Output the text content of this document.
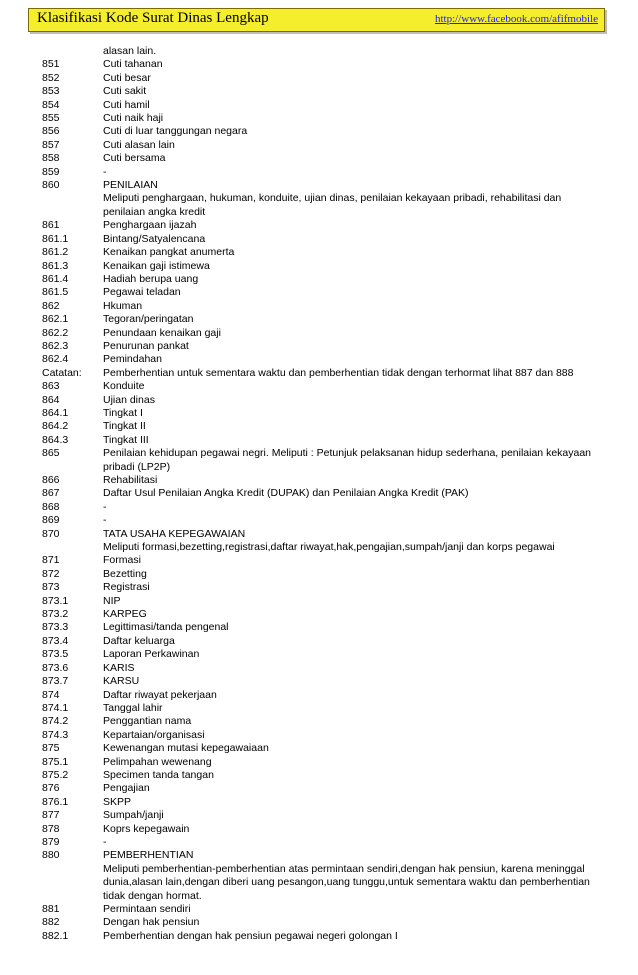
Klasifikasi Kode Surat Dinas Lengkap	http://www.facebook.com/afifmobile
alasan lain.
851	Cuti tahanan
852	Cuti besar
853	Cuti sakit
854	Cuti hamil
855	Cuti naik haji
856	Cuti di luar tanggungan negara
857	Cuti alasan lain
858	Cuti bersama
859	-
860	PENILAIAN
Meliputi penghargaan, hukuman, konduite, ujian dinas, penilaian kekayaan pribadi, rehabilitasi dan penilaian angka kredit
861	Penghargaan ijazah
861.1	Bintang/Satyalencana
861.2	Kenaikan pangkat anumerta
861.3	Kenaikan gaji istimewa
861.4	Hadiah berupa uang
861.5	Pegawai teladan
862	Hkuman
862.1	Tegoran/peringatan
862.2	Penundaan kenaikan gaji
862.3	Penurunan pankat
862.4	Pemindahan
Catatan:	Pemberhentian untuk sementara waktu dan pemberhentian tidak dengan terhormat lihat 887 dan 888
863	Konduite
864	Ujian dinas
864.1	Tingkat I
864.2	Tingkat II
864.3	Tingkat III
865	Penilaian kehidupan pegawai negri. Meliputi : Petunjuk pelaksanan hidup sederhana, penilaian kekayaan pribadi (LP2P)
866	Rehabilitasi
867	Daftar Usul Penilaian Angka Kredit (DUPAK) dan Penilaian Angka Kredit (PAK)
868	-
869	-
870	TATA USAHA KEPEGAWAIAN
Meliputi formasi,bezetting,registrasi,daftar riwayat,hak,pengajian,sumpah/janji dan korps pegawai
871	Formasi
872	Bezetting
873	Registrasi
873.1	NIP
873.2	KARPEG
873.3	Legittimasi/tanda pengenal
873.4	Daftar keluarga
873.5	Laporan Perkawinan
873.6	KARIS
873.7	KARSU
874	Daftar riwayat pekerjaan
874.1	Tanggal lahir
874.2	Penggantian nama
874.3	Kepartaian/organisasi
875	Kewenangan mutasi kepegawaiaan
875.1	Pelimpahan wewenang
875.2	Specimen tanda tangan
876	Pengajian
876.1	SKPP
877	Sumpah/janji
878	Koprs kepegawain
879	-
880	PEMBERHENTIAN
Meliputi pemberhentian-pemberhentian atas permintaan sendiri,dengan hak pensiun, karena meninggal dunia,alasan lain,dengan diberi uang pesangon,uang tunggu,untuk sementara waktu dan pemberhentian tidak dengan hormat.
881	Permintaan sendiri
882	Dengan hak pensiun
882.1	Pemberhentian dengan hak pensiun pegawai negeri golongan I
